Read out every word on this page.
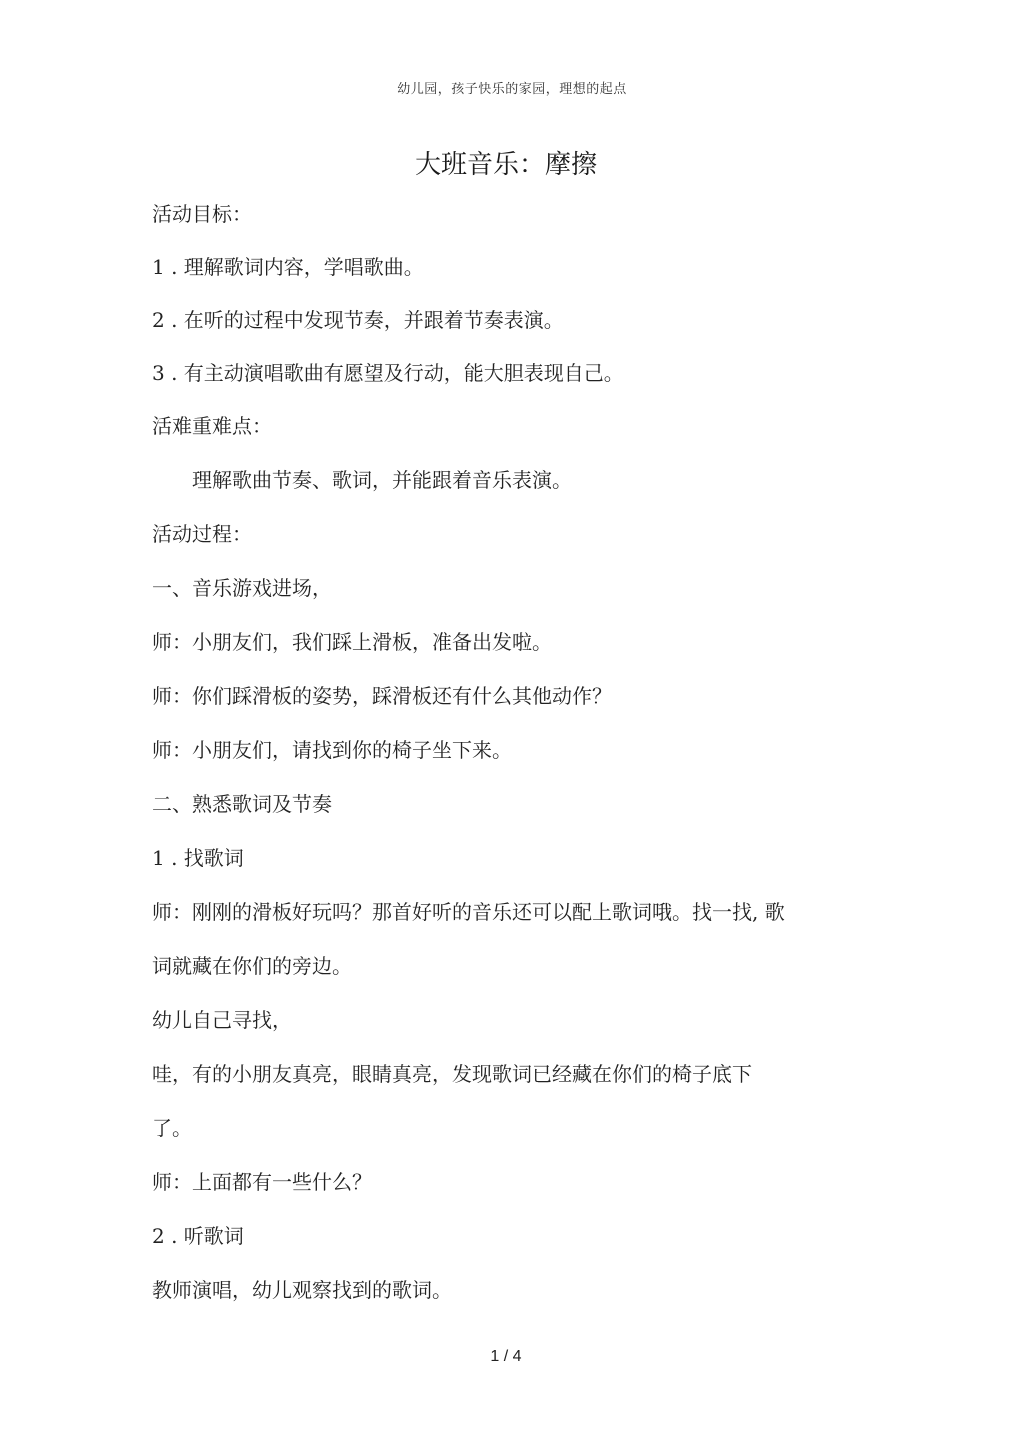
幼儿园，孩子快乐的家园，理想的起点
大班音乐：摩擦
活动目标：
1 . 理解歌词内容，学唱歌曲。
2 . 在听的过程中发现节奏，并跟着节奏表演。
3 . 有主动演唱歌曲有愿望及行动，能大胆表现自己。
活难重难点：
理解歌曲节奏、歌词，并能跟着音乐表演。
活动过程：
一、音乐游戏进场，
师：小朋友们，我们踩上滑板，准备出发啦。
师：你们踩滑板的姿势，踩滑板还有什么其他动作？
师：小朋友们，请找到你的椅子坐下来。
二、熟悉歌词及节奏
1 . 找歌词
师：刚刚的滑板好玩吗？那首好听的音乐还可以配上歌词哦。找一找, 歌
词就藏在你们的旁边。
幼儿自己寻找，
哇，有的小朋友真亮，眼睛真亮，发现歌词已经藏在你们的椅子底下
了。
师：上面都有一些什么？
2 . 听歌词
教师演唱，幼儿观察找到的歌词。
1 / 4
